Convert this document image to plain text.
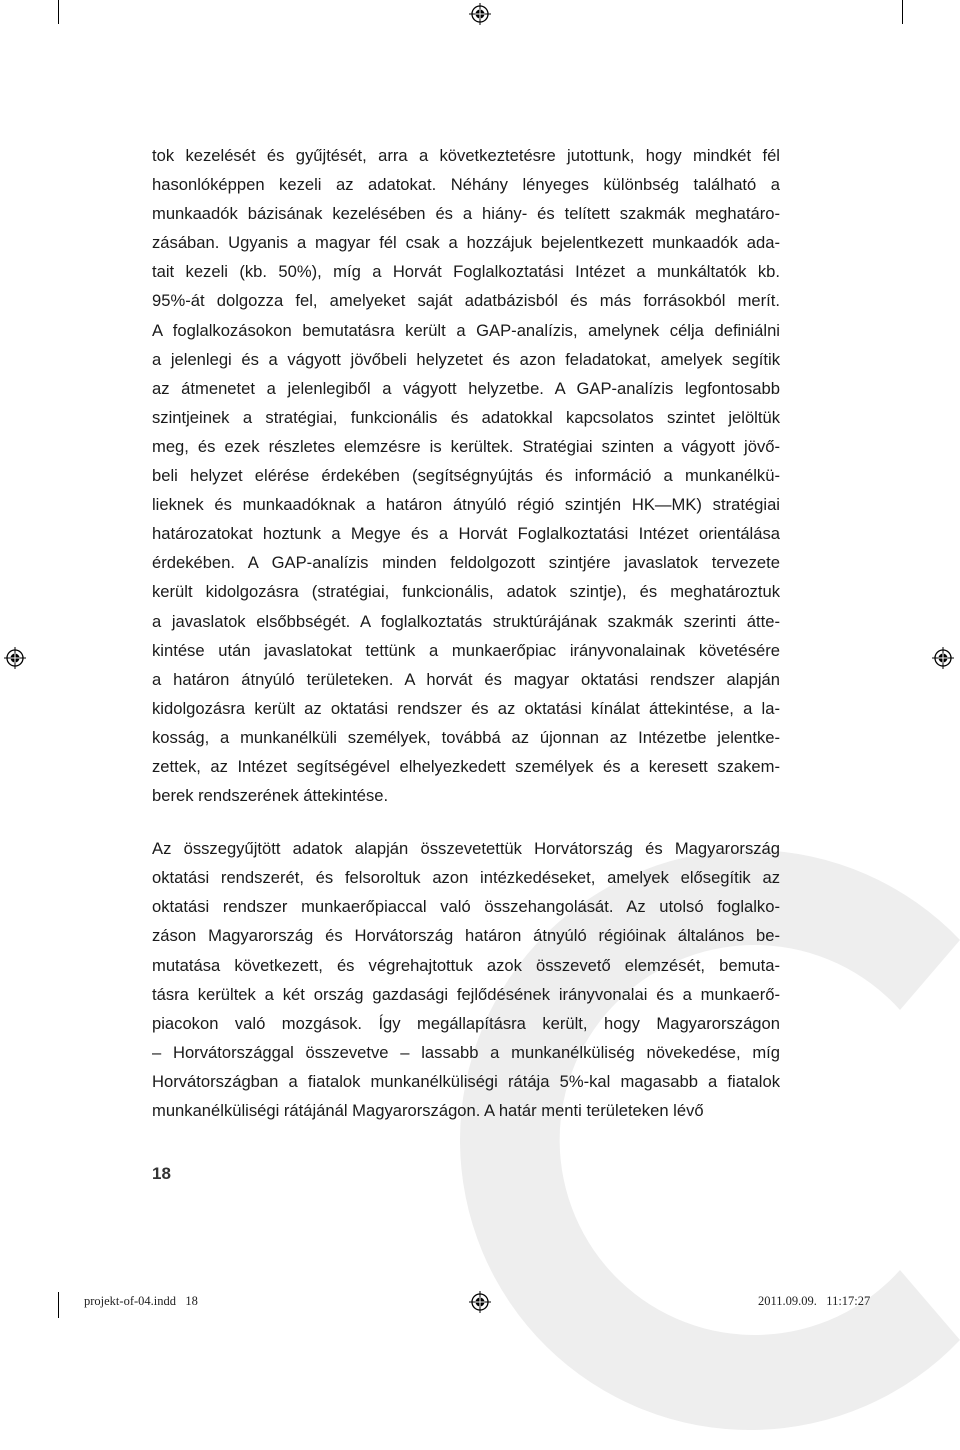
tok kezelését és gyűjtését, arra a következtetésre jutottunk, hogy mindkét fél
hasonlóképpen kezeli az adatokat. Néhány lényeges különbség található a
munkaadók bázisának kezelésében és a hiány- és telített szakmák meghatáro-
zásában. Ugyanis a magyar fél csak a hozzájuk bejelentkezett munkaadók ada-
tait kezeli (kb. 50%), míg a Horvát Foglalkoztatási Intézet a munkáltatók kb.
95%-át dolgozza fel, amelyeket saját adatbázisból és más forrásokból merít.
A foglalkozásokon bemutatásra került a GAP-analízis, amelynek célja definiálni
a jelenlegi és a vágyott jövőbeli helyzetet és azon feladatokat, amelyek segítik
az átmenetet a jelenlegiből a vágyott helyzetbe. A GAP-analízis legfontosabb
szintjeinek a stratégiai, funkcionális és adatokkal kapcsolatos szintet jelöltük
meg, és ezek részletes elemzésre is kerültek. Stratégiai szinten a vágyott jövő-
beli helyzet elérése érdekében (segítségnyújtás és információ a munkanélkü-
lieknek és munkaadóknak a határon átnyúló régió szintjén HK—MK) stratégiai
határozatokat hoztunk a Megye és a Horvát Foglalkoztatási Intézet orientálása
érdekében. A GAP-analízis minden feldolgozott szintjére javaslatok tervezete
került kidolgozásra (stratégiai, funkcionális, adatok szintje), és meghatároztuk
a javaslatok elsőbbségét. A foglalkoztatás struktúrájának szakmák szerinti átte-
kintése után javaslatokat tettünk a munkaerőpiac irányvonalainak követésére
a határon átnyúló területeken. A horvát és magyar oktatási rendszer alapján
kidolgozásra került az oktatási rendszer és az oktatási kínálat áttekintése, a la-
kosság, a munkanélküli személyek, továbbá az újonnan az Intézetbe jelentke-
zettek, az Intézet segítségével elhelyezkedett személyek és a keresett szakem-
berek rendszerének áttekintése.

Az összegyűjtött adatok alapján összevetettük Horvátország és Magyarország
oktatási rendszerét, és felsoroltuk azon intézkedéseket, amelyek elősegítik az
oktatási rendszer munkaerőpiaccal való összehangolását. Az utolsó foglalko-
záson Magyarország és Horvátország határon átnyúló régióinak általános be-
mutatása következett, és végrehajtottuk azok összevető elemzését, bemuta-
tásra kerültek a két ország gazdasági fejlődésének irányvonalai és a munkaerő-
piacokon való mozgások. Így megállapításra került, hogy Magyarországon
– Horvátországgal összevetve – lassabb a munkanélküliség növekedése, míg
Horvátországban a fiatalok munkanélküliségi rátája 5%-kal magasabb a fiatalok
munkanélküliségi rátájánál Magyarországon. A határ menti területeken lévő

18
projekt-of-04.indd   18	2011.09.09.   11:17:27
